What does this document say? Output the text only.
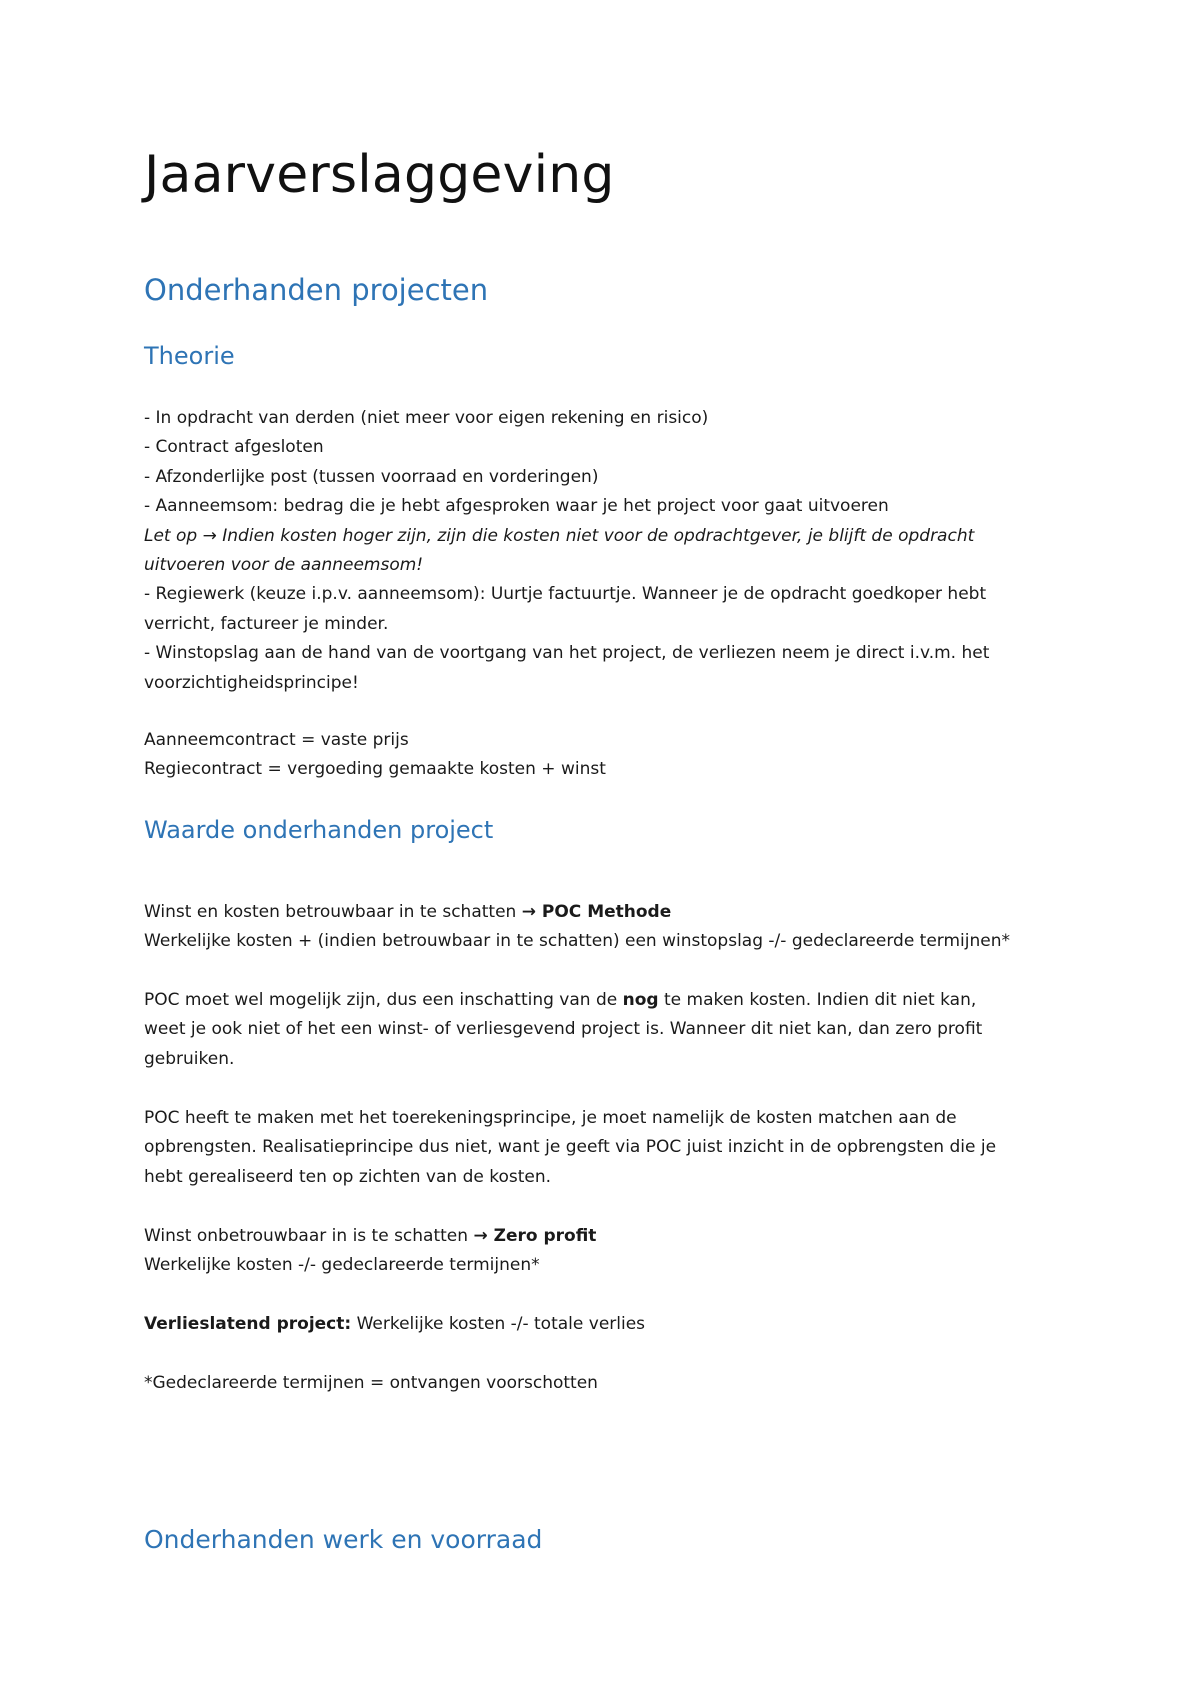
Jaarverslaggeving
Onderhanden projecten
Theorie
- In opdracht van derden (niet meer voor eigen rekening en risico)
- Contract afgesloten
- Afzonderlijke post (tussen voorraad en vorderingen)
- Aanneemsom: bedrag die je hebt afgesproken waar je het project voor gaat uitvoeren
Let op → Indien kosten hoger zijn, zijn die kosten niet voor de opdrachtgever, je blijft de opdracht
uitvoeren voor de aanneemsom!
- Regiewerk (keuze i.p.v. aanneemsom): Uurtje factuurtje. Wanneer je de opdracht goedkoper hebt
verricht, factureer je minder.
- Winstopslag aan de hand van de voortgang van het project, de verliezen neem je direct i.v.m. het
voorzichtigheidsprincipe!
Aanneemcontract = vaste prijs
Regiecontract = vergoeding gemaakte kosten + winst
Waarde onderhanden project
Winst en kosten betrouwbaar in te schatten → POC Methode
Werkelijke kosten + (indien betrouwbaar in te schatten) een winstopslag -/- gedeclareerde termijnen*
POC moet wel mogelijk zijn, dus een inschatting van de nog te maken kosten. Indien dit niet kan,
weet je ook niet of het een winst- of verliesgevend project is. Wanneer dit niet kan, dan zero profit
gebruiken.
POC heeft te maken met het toerekeningsprincipe, je moet namelijk de kosten matchen aan de
opbrengsten. Realisatieprincipe dus niet, want je geeft via POC juist inzicht in de opbrengsten die je
hebt gerealiseerd ten op zichten van de kosten.
Winst onbetrouwbaar in is te schatten → Zero profit
Werkelijke kosten -/- gedeclareerde termijnen*
Verlieslatend project: Werkelijke kosten -/- totale verlies
*Gedeclareerde termijnen = ontvangen voorschotten
Onderhanden werk en voorraad
